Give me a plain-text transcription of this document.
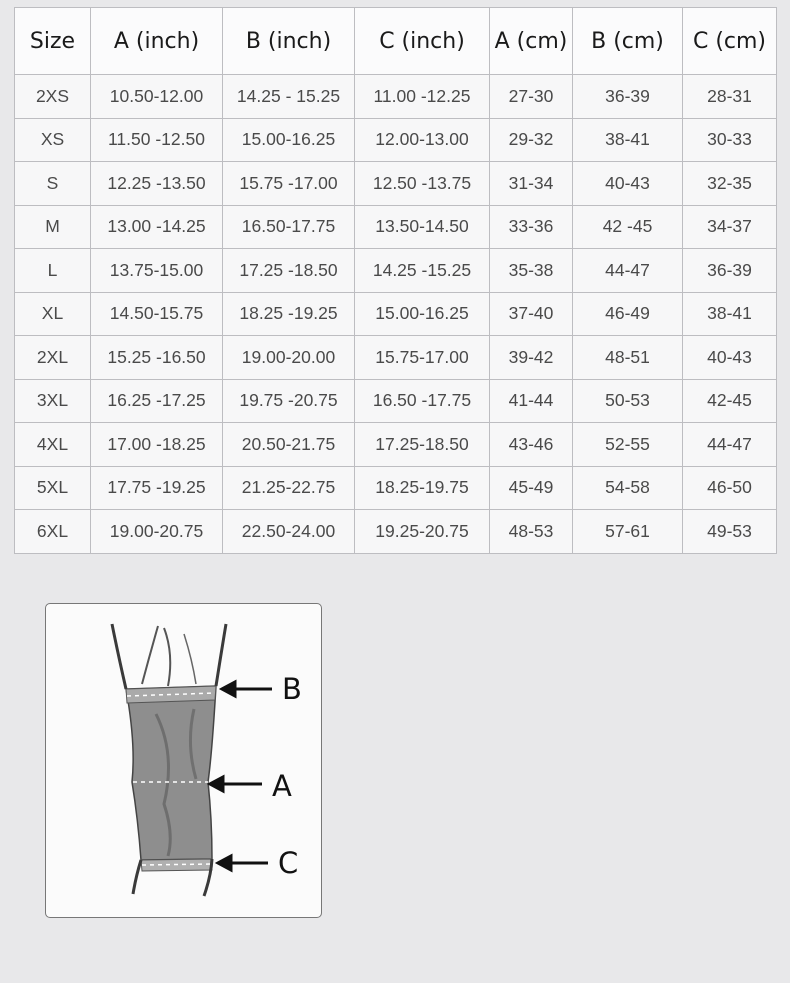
Size	A (inch)	B (inch)	C (inch)	A (cm)	B (cm)	C (cm)
2XS	10.50-12.00	14.25 - 15.25	11.00 -12.25	27-30	36-39	28-31
XS	11.50 -12.50	15.00-16.25	12.00-13.00	29-32	38-41	30-33
S	12.25 -13.50	15.75 -17.00	12.50 -13.75	31-34	40-43	32-35
M	13.00 -14.25	16.50-17.75	13.50-14.50	33-36	42 -45	34-37
L	13.75-15.00	17.25 -18.50	14.25 -15.25	35-38	44-47	36-39
XL	14.50-15.75	18.25 -19.25	15.00-16.25	37-40	46-49	38-41
2XL	15.25 -16.50	19.00-20.00	15.75-17.00	39-42	48-51	40-43
3XL	16.25 -17.25	19.75 -20.75	16.50 -17.75	41-44	50-53	42-45
4XL	17.00 -18.25	20.50-21.75	17.25-18.50	43-46	52-55	44-47
5XL	17.75 -19.25	21.25-22.75	18.25-19.75	45-49	54-58	46-50
6XL	19.00-20.75	22.50-24.00	19.25-20.75	48-53	57-61	49-53
B
A
C
